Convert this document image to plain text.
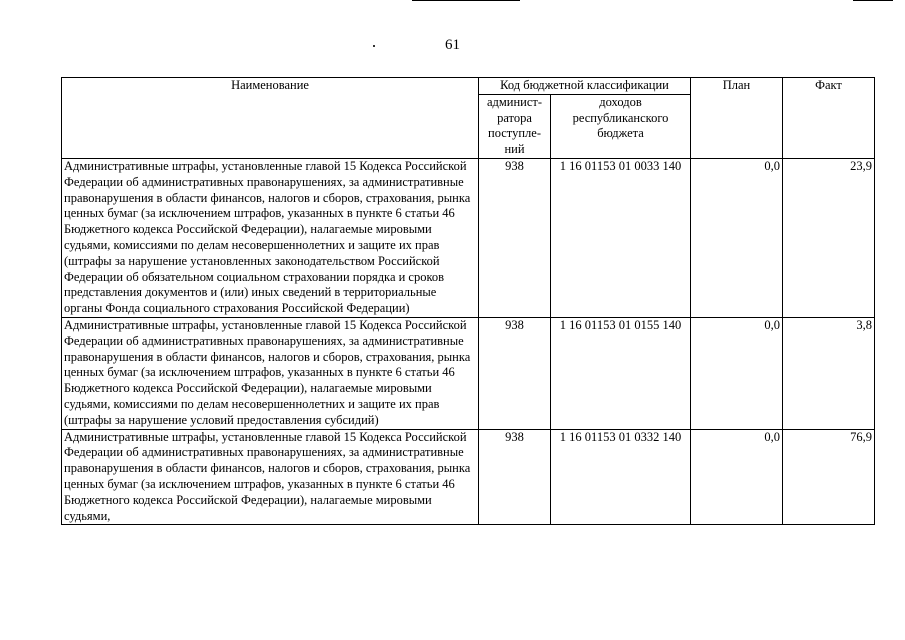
61
Наименование	Код бюджетной классификации		План	Факт
	админист-
ратора
поступле-
ний	доходов
республиканского
бюджета		
Административные штрафы, установленные главой 15 Кодекса Российской Федерации об административных правонарушениях, за административные правонарушения в области финансов, налогов и сборов, страхования, рынка ценных бумаг (за исключением штрафов, указанных в пункте 6 статьи 46 Бюджетного кодекса Российской Федерации), налагаемые мировыми судьями, комиссиями по делам несовершеннолетних и защите их прав (штрафы за нарушение установленных законодательством Российской Федерации об обязательном социальном страховании порядка и сроков представления документов и (или) иных сведений в территориальные органы Фонда социального страхования Российской Федерации)	938	1 16 01153 01 0033 140	0,0	23,9
Административные штрафы, установленные главой 15 Кодекса Российской Федерации об административных правонарушениях, за административные правонарушения в области финансов, налогов и сборов, страхования, рынка ценных бумаг (за исключением штрафов, указанных в пункте 6 статьи 46 Бюджетного кодекса Российской Федерации), налагаемые мировыми судьями, комиссиями по делам несовершеннолетних и защите их прав (штрафы за нарушение условий предоставления субсидий)	938	1 16 01153 01 0155 140	0,0	3,8
Административные штрафы, установленные главой 15 Кодекса Российской Федерации об административных правонарушениях, за административные правонарушения в области финансов, налогов и сборов, страхования, рынка ценных бумаг (за исключением штрафов, указанных в пункте 6 статьи 46 Бюджетного кодекса Российской Федерации), налагаемые мировыми судьями,	938	1 16 01153 01 0332 140	0,0	76,9
